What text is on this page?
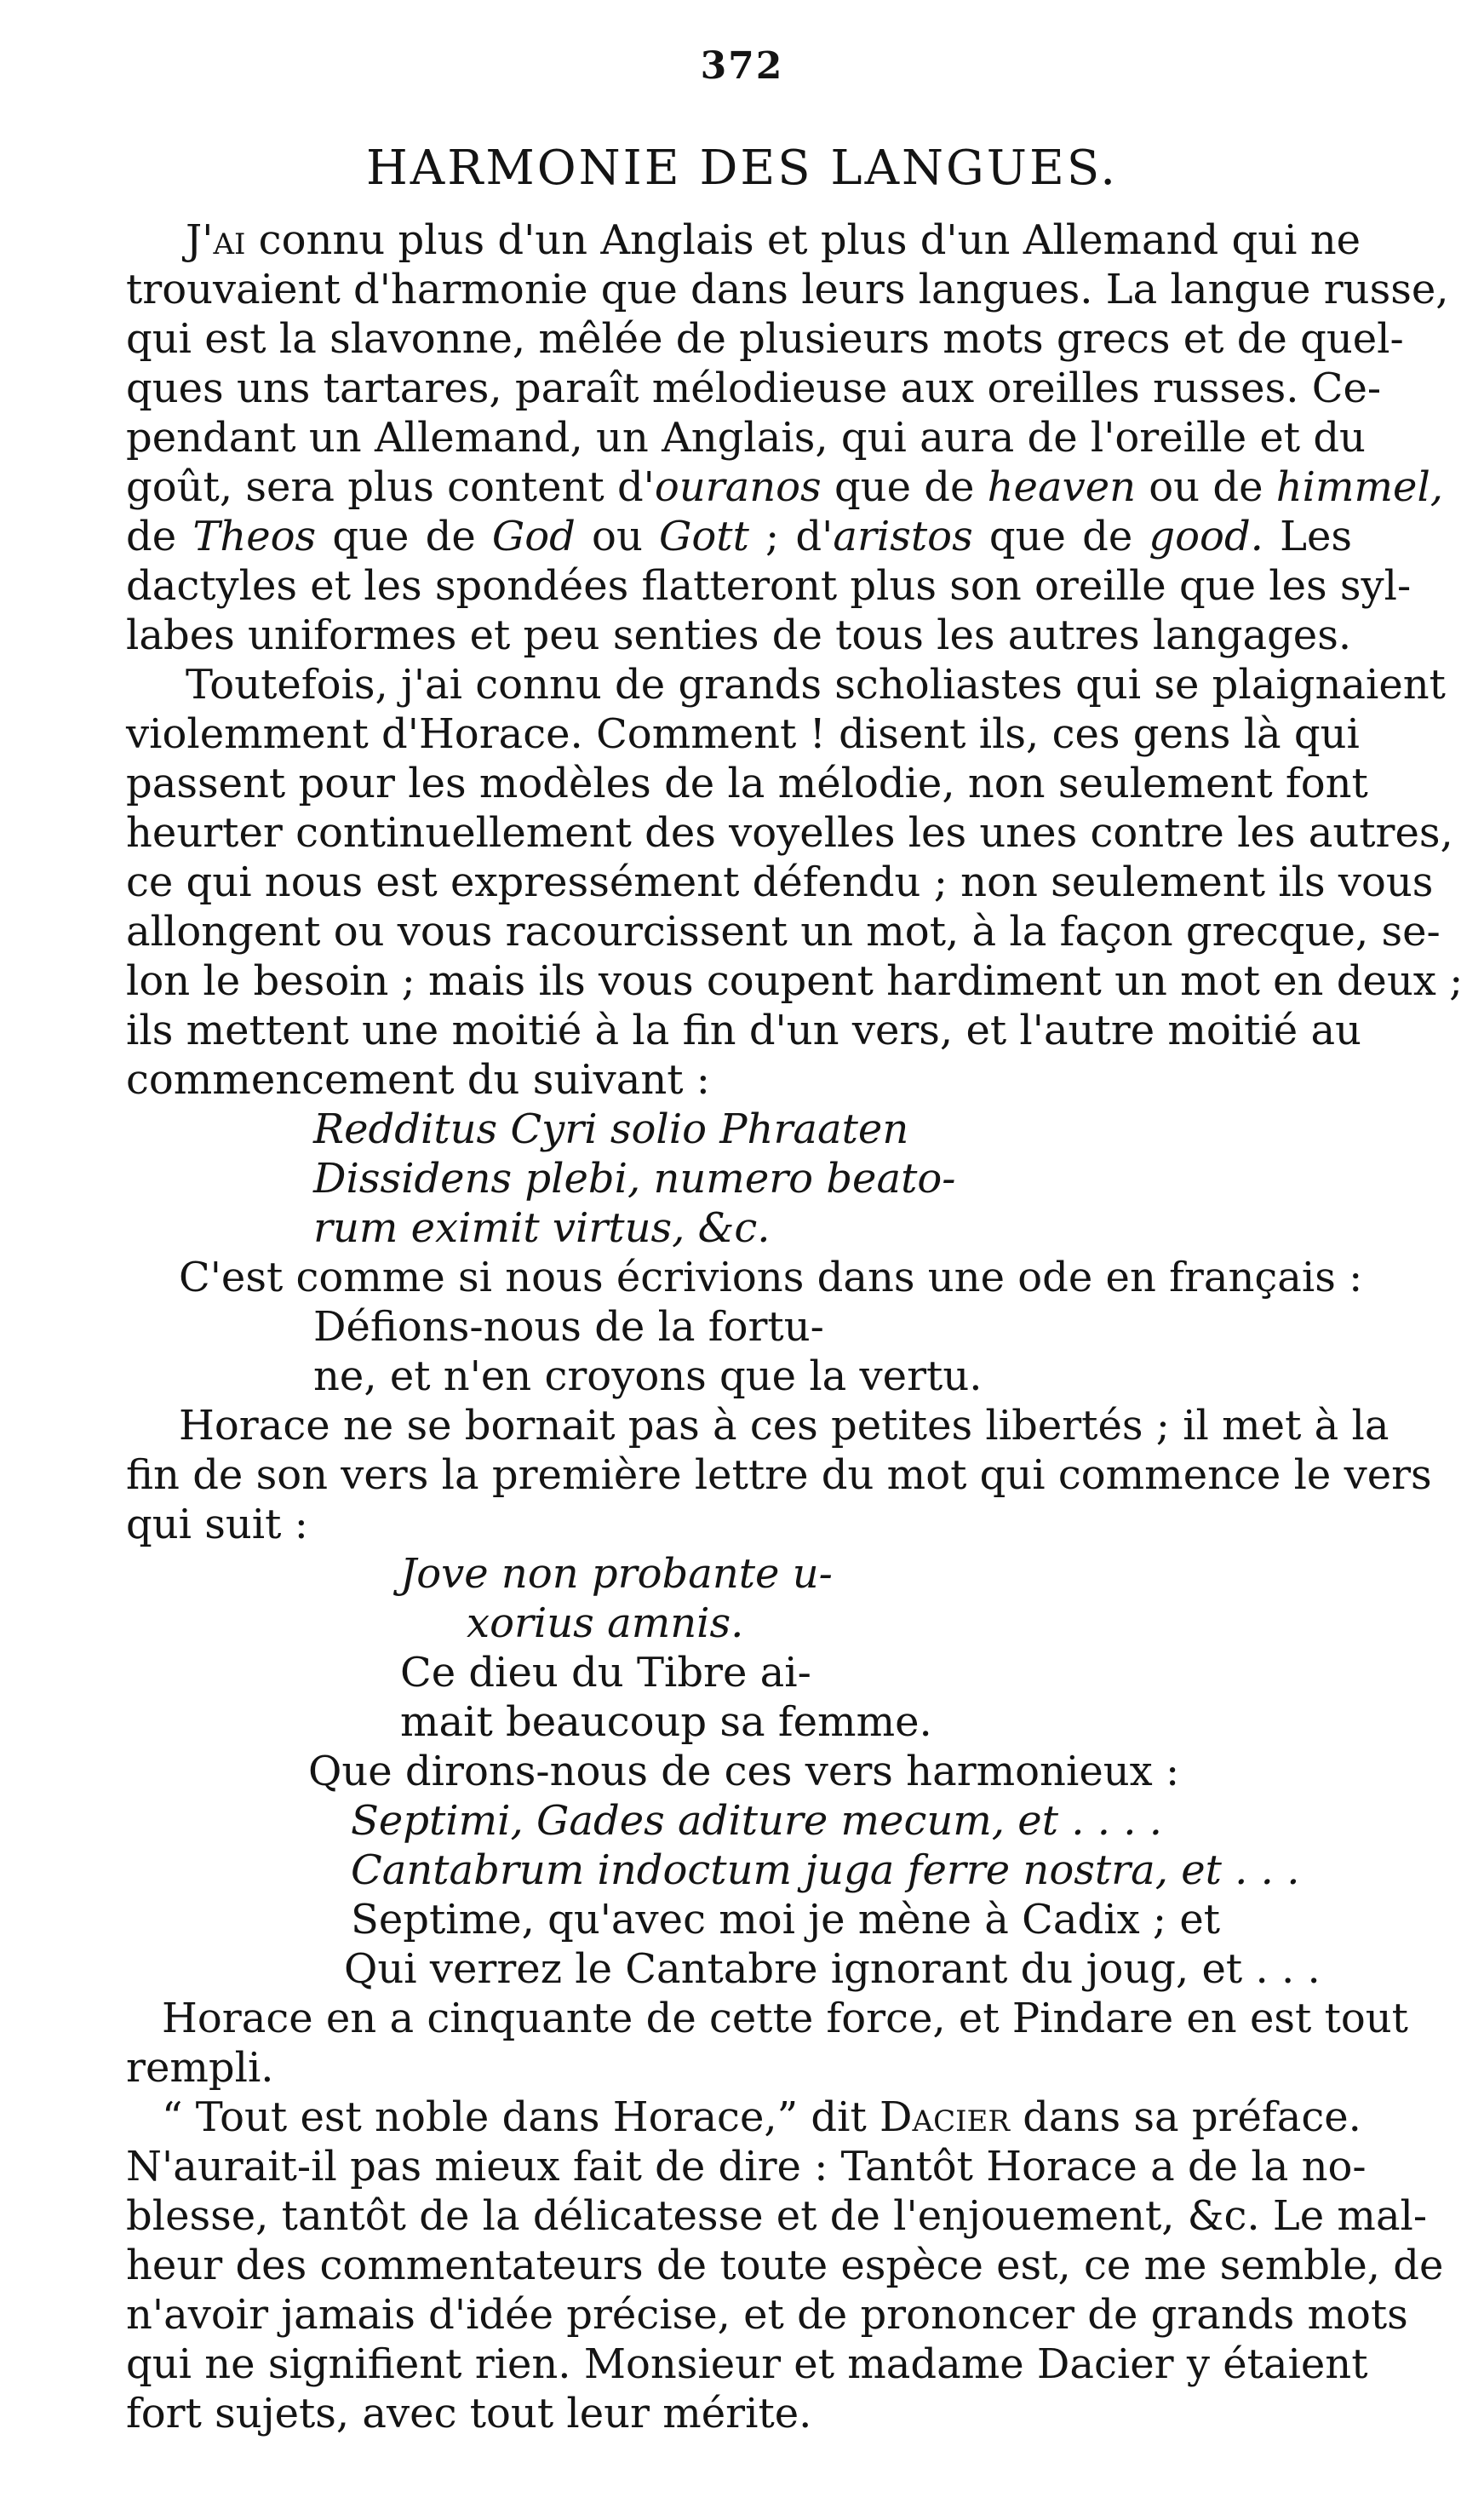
372
HARMONIE DES LANGUES.
J'ai connu plus d'un Anglais et plus d'un Allemand qui ne
trouvaient d'harmonie que dans leurs langues. La langue russe,
qui est la slavonne, mêlée de plusieurs mots grecs et de quel-
ques uns tartares, paraît mélodieuse aux oreilles russes. Ce-
pendant un Allemand, un Anglais, qui aura de l'oreille et du
goût, sera plus content d'ouranos que de heaven ou de himmel,
de Theos que de God ou Gott ; d'aristos que de good. Les
dactyles et les spondées flatteront plus son oreille que les syl-
labes uniformes et peu senties de tous les autres langages.
Toutefois, j'ai connu de grands scholiastes qui se plaignaient
violemment d'Horace. Comment ! disent ils, ces gens là qui
passent pour les modèles de la mélodie, non seulement font
heurter continuellement des voyelles les unes contre les autres,
ce qui nous est expressément défendu ; non seulement ils vous
allongent ou vous racourcissent un mot, à la façon grecque, se-
lon le besoin ; mais ils vous coupent hardiment un mot en deux ;
ils mettent une moitié à la fin d'un vers, et l'autre moitié au
commencement du suivant :
Redditus Cyri solio Phraaten
Dissidens plebi, numero beato-
rum eximit virtus, &c.
C'est comme si nous écrivions dans une ode en français :
Défions-nous de la fortu-
ne, et n'en croyons que la vertu.
Horace ne se bornait pas à ces petites libertés ; il met à la
fin de son vers la première lettre du mot qui commence le vers
qui suit :
Jove non probante u-
xorius amnis.
Ce dieu du Tibre ai-
mait beaucoup sa femme.
Que dirons-nous de ces vers harmonieux :
Septimi, Gades aditure mecum, et . . . .
Cantabrum indoctum juga ferre nostra, et . . .
Septime, qu'avec moi je mène à Cadix ; et
Qui verrez le Cantabre ignorant du joug, et . . .
Horace en a cinquante de cette force, et Pindare en est tout
rempli.
“ Tout est noble dans Horace,” dit Dacier dans sa préface.
N'aurait-il pas mieux fait de dire : Tantôt Horace a de la no-
blesse, tantôt de la délicatesse et de l'enjouement, &c. Le mal-
heur des commentateurs de toute espèce est, ce me semble, de
n'avoir jamais d'idée précise, et de prononcer de grands mots
qui ne signifient rien. Monsieur et madame Dacier y étaient
fort sujets, avec tout leur mérite.
